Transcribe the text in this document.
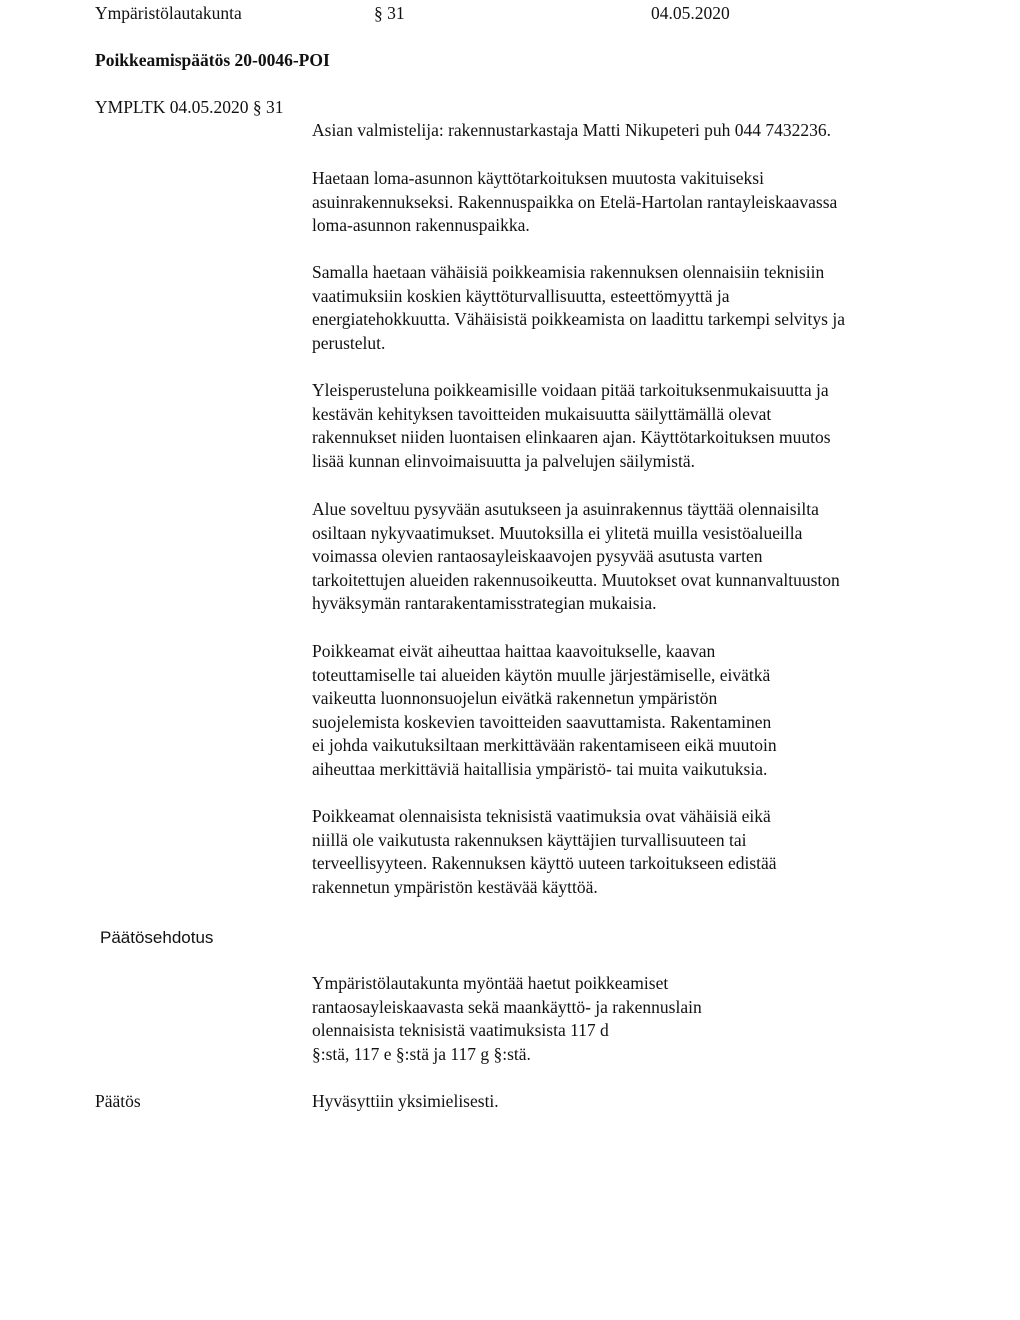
Ympäristölautakunta	§ 31	04.05.2020
Poikkeamispäätös 20-0046-POI
YMPLTK 04.05.2020 § 31
Asian valmistelija: rakennustarkastaja Matti Nikupeteri puh 044 7432236.
Haetaan loma-asunnon käyttötarkoituksen muutosta vakituiseksi
asuinrakennukseksi. Rakennuspaikka on Etelä-Hartolan rantayleiskaavassa
loma-asunnon rakennuspaikka.
Samalla haetaan vähäisiä poikkeamisia rakennuksen olennaisiin teknisiin
vaatimuksiin koskien käyttöturvallisuutta, esteettömyyttä ja
energiatehokkuutta. Vähäisistä poikkeamista on laadittu tarkempi selvitys ja
perustelut.
Yleisperusteluna poikkeamisille voidaan pitää tarkoituksenmukaisuutta ja
kestävän kehityksen tavoitteiden mukaisuutta säilyttämällä olevat
rakennukset niiden luontaisen elinkaaren ajan. Käyttötarkoituksen muutos
lisää kunnan elinvoimaisuutta ja palvelujen säilymistä.
Alue soveltuu pysyvään asutukseen ja asuinrakennus täyttää olennaisilta
osiltaan nykyvaatimukset. Muutoksilla ei ylitetä muilla vesistöalueilla
voimassa olevien rantaosayleiskaavojen pysyvää asutusta varten
tarkoitettujen alueiden rakennusoikeutta. Muutokset ovat kunnanvaltuuston
hyväksymän rantarakentamisstrategian mukaisia.
Poikkeamat eivät aiheuttaa haittaa kaavoitukselle, kaavan
toteuttamiselle tai alueiden käytön muulle järjestämiselle, eivätkä
vaikeutta luonnonsuojelun eivätkä rakennetun ympäristön
suojelemista koskevien tavoitteiden saavuttamista. Rakentaminen
ei johda vaikutuksiltaan merkittävään rakentamiseen eikä muutoin
aiheuttaa merkittäviä haitallisia ympäristö- tai muita vaikutuksia.
Poikkeamat olennaisista teknisistä vaatimuksia ovat vähäisiä eikä
niillä ole vaikutusta rakennuksen käyttäjien turvallisuuteen tai
terveellisyyteen. Rakennuksen käyttö uuteen tarkoitukseen edistää
rakennetun ympäristön kestävää käyttöä.
Päätösehdotus
Ympäristölautakunta myöntää haetut poikkeamiset
rantaosayleiskaavasta sekä maankäyttö- ja rakennuslain
olennaisista teknisistä vaatimuksista 117 d
§:stä, 117 e §:stä ja 117 g §:stä.
Päätös	Hyväsyttiin yksimielisesti.
